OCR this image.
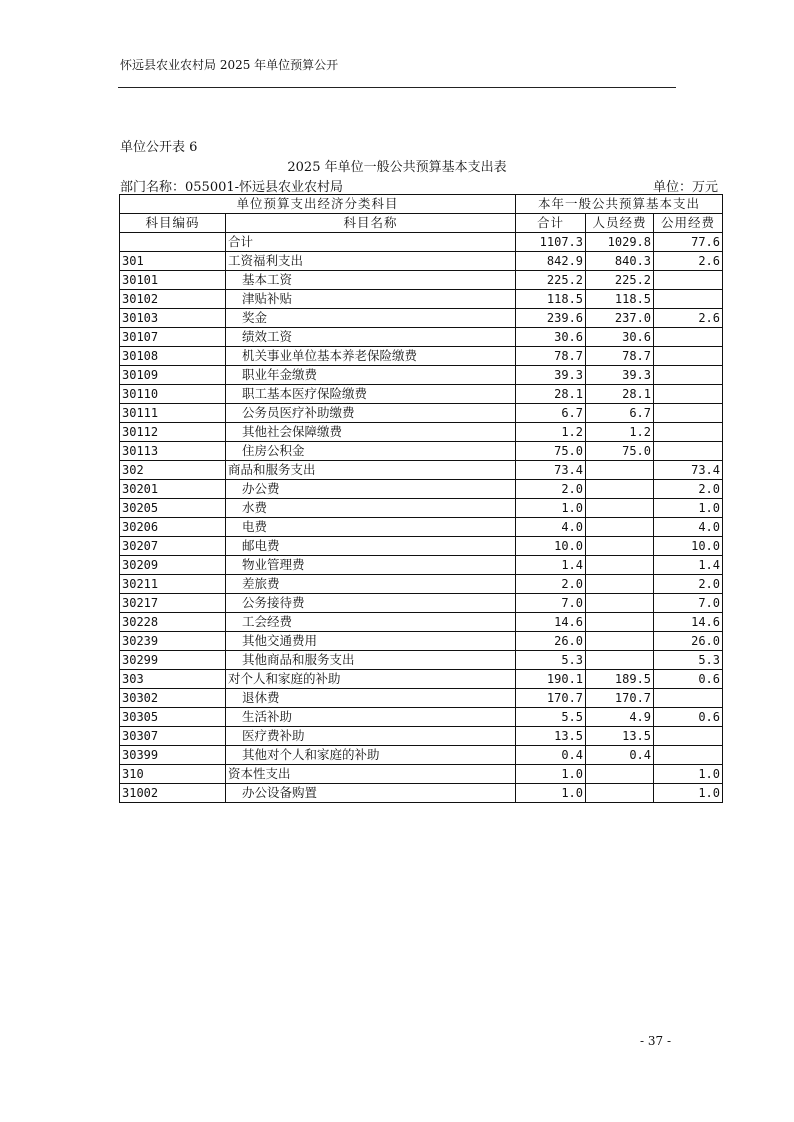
怀远县农业农村局 2025 年单位预算公开
单位公开表 6
2025 年单位一般公共预算基本支出表
部门名称：055001-怀远县农业农村局	单位：万元
单位预算支出经济分类科目		本年一般公共预算基本支出		
科目编码	科目名称	合计	人员经费	公用经费
	合计	1107.3	1029.8	77.6
301	工资福利支出	842.9	840.3	2.6
30101	基本工资	225.2	225.2	
30102	津贴补贴	118.5	118.5	
30103	奖金	239.6	237.0	2.6
30107	绩效工资	30.6	30.6	
30108	机关事业单位基本养老保险缴费	78.7	78.7	
30109	职业年金缴费	39.3	39.3	
30110	职工基本医疗保险缴费	28.1	28.1	
30111	公务员医疗补助缴费	6.7	6.7	
30112	其他社会保障缴费	1.2	1.2	
30113	住房公积金	75.0	75.0	
302	商品和服务支出	73.4		73.4
30201	办公费	2.0		2.0
30205	水费	1.0		1.0
30206	电费	4.0		4.0
30207	邮电费	10.0		10.0
30209	物业管理费	1.4		1.4
30211	差旅费	2.0		2.0
30217	公务接待费	7.0		7.0
30228	工会经费	14.6		14.6
30239	其他交通费用	26.0		26.0
30299	其他商品和服务支出	5.3		5.3
303	对个人和家庭的补助	190.1	189.5	0.6
30302	退休费	170.7	170.7	
30305	生活补助	5.5	4.9	0.6
30307	医疗费补助	13.5	13.5	
30399	其他对个人和家庭的补助	0.4	0.4	
310	资本性支出	1.0		1.0
31002	办公设备购置	1.0		1.0
- 37 -
